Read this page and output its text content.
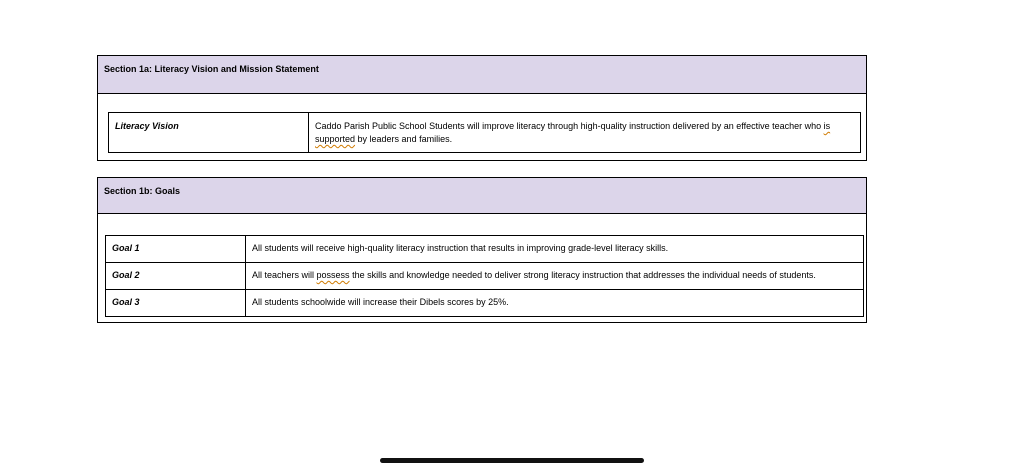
Section 1a: Literacy Vision and Mission Statement
Literacy Vision	Caddo Parish Public School Students will improve literacy through high-quality instruction delivered by an effective teacher who is supported by leaders and families.
Section 1b: Goals
Goal 1	All students will receive high-quality literacy instruction that results in improving grade-level literacy skills.
Goal 2	All teachers will possess the skills and knowledge needed to deliver strong literacy instruction that addresses the individual needs of students.
Goal 3	All students schoolwide will increase their Dibels scores by 25%.
